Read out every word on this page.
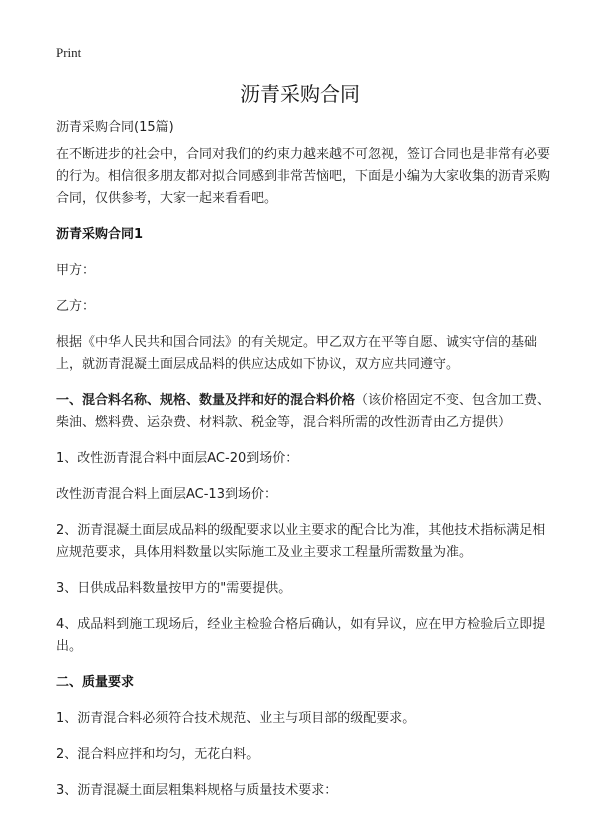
Print
沥青采购合同

沥青采购合同(15篇)

在不断进步的社会中，合同对我们的约束力越来越不可忽视，签订合同也是非常有必要的行为。相信很多朋友都对拟合同感到非常苦恼吧，下面是小编为大家收集的沥青采购合同，仅供参考，大家一起来看看吧。

沥青采购合同1

甲方：

乙方：

根据《中华人民共和国合同法》的有关规定。甲乙双方在平等自愿、诚实守信的基础上，就沥青混凝土面层成品料的供应达成如下协议，双方应共同遵守。

一、混合料名称、规格、数量及拌和好的混合料价格（该价格固定不变、包含加工费、柴油、燃料费、运杂费、材料款、税金等，混合料所需的改性沥青由乙方提供）

1、改性沥青混合料中面层AC-20到场价：

改性沥青混合料上面层AC-13到场价：

2、沥青混凝土面层成品料的级配要求以业主要求的配合比为准，其他技术指标满足相应规范要求，具体用料数量以实际施工及业主要求工程量所需数量为准。

3、日供成品料数量按甲方的"需要提供。

4、成品料到施工现场后，经业主检验合格后确认，如有异议，应在甲方检验后立即提出。

二、质量要求

1、沥青混合料必须符合技术规范、业主与项目部的级配要求。

2、混合料应拌和均匀，无花白料。

3、沥青混凝土面层粗集料规格与质量技术要求：
